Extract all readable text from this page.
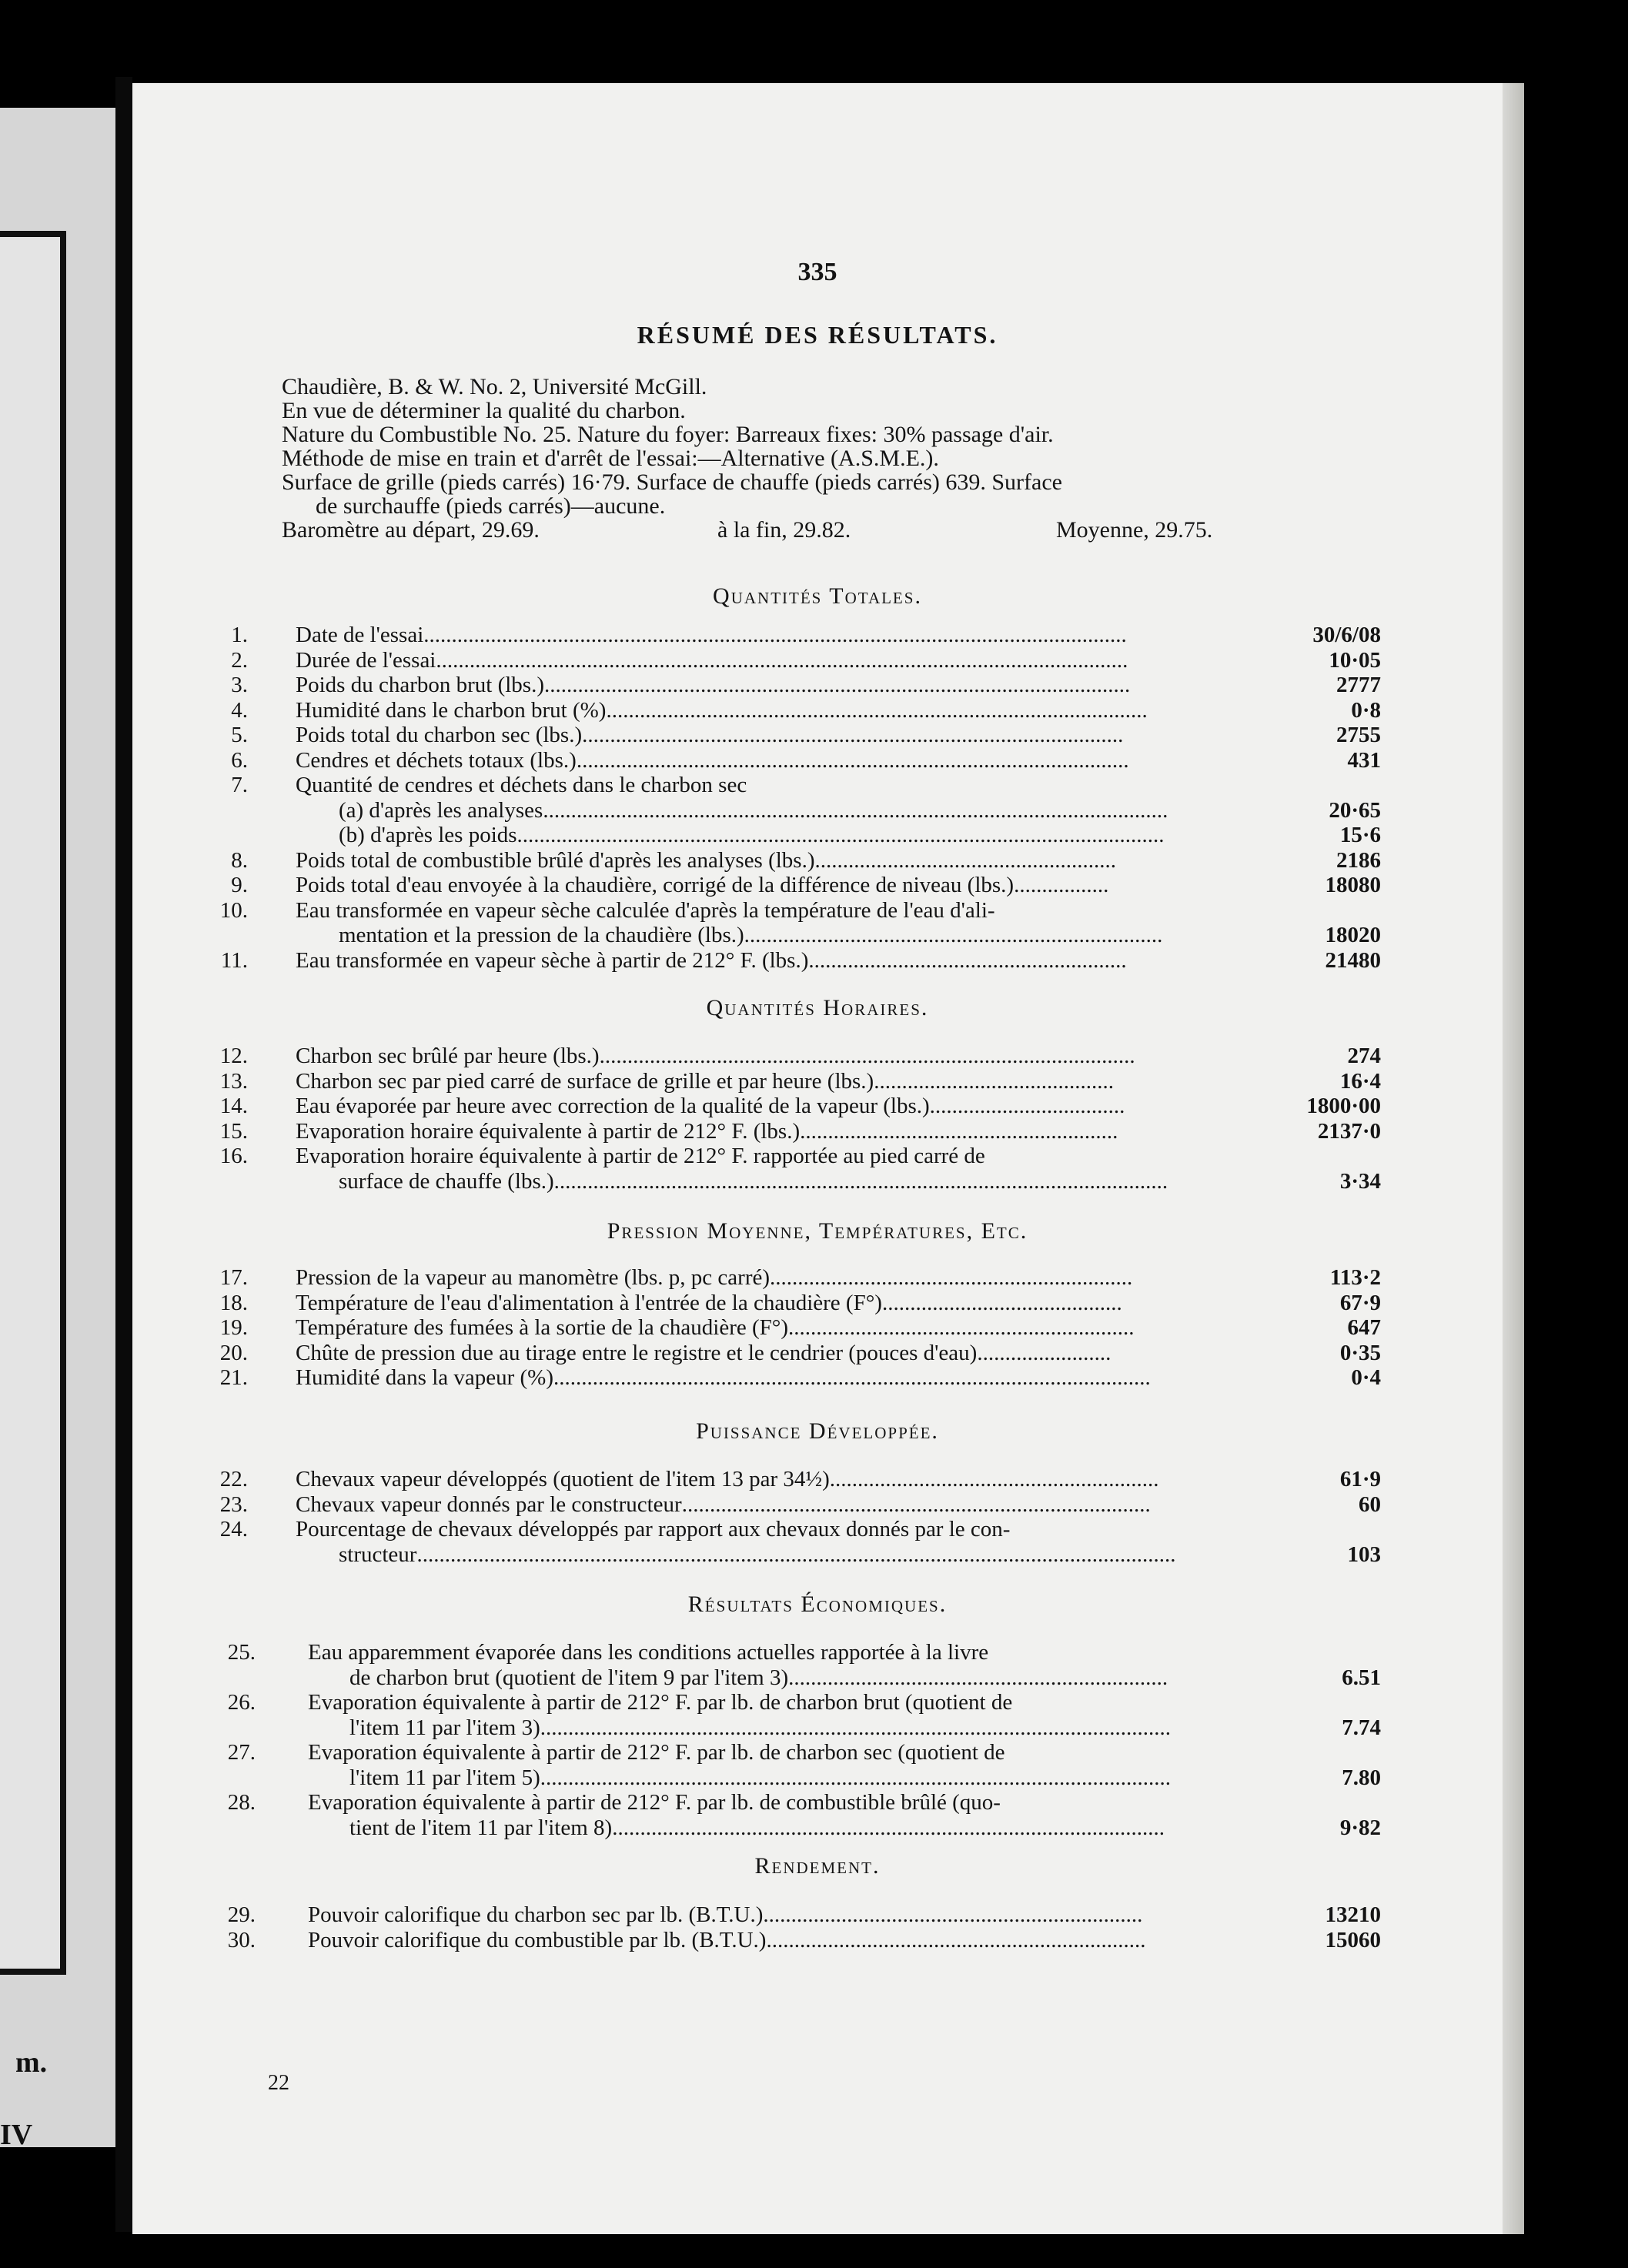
m.
IV
335
RÉSUMÉ DES RÉSULTATS.
Chaudière, B. & W. No. 2, Université McGill.
En vue de déterminer la qualité du charbon.
Nature du Combustible No. 25. Nature du foyer: Barreaux fixes: 30% passage d'air.
Méthode de mise en train et d'arrêt de l'essai:—Alternative (A.S.M.E.).
Surface de grille (pieds carrés) 16·79. Surface de chauffe (pieds carrés) 639. Surface
de surchauffe (pieds carrés)—aucune.
Baromètre au départ, 29.69.	à la fin, 29.82.	Moyenne, 29.75.
Quantités Totales.
1. Date de l'essai..............................................................................................................................	30/6/08
2. Durée de l'essai............................................................................................................................	10·05
3. Poids du charbon brut (lbs.).........................................................................................................	2777
4. Humidité dans le charbon brut (%).................................................................................................	0·8
5. Poids total du charbon sec (lbs.).................................................................................................	2755
6. Cendres et déchets totaux (lbs.)...................................................................................................	431
7. Quantité de cendres et déchets dans le charbon sec
(a) d'après les analyses................................................................................................................	20·65
(b) d'après les poids....................................................................................................................	15·6
8. Poids total de combustible brûlé d'après les analyses (lbs.)......................................................	2186
9. Poids total d'eau envoyée à la chaudière, corrigé de la différence de niveau (lbs.).................	18080
10. Eau transformée en vapeur sèche calculée d'après la température de l'eau d'ali-
mentation et la pression de la chaudière (lbs.)...........................................................................	18020
11. Eau transformée en vapeur sèche à partir de 212° F. (lbs.).........................................................	21480
Quantités Horaires.
12. Charbon sec brûlé par heure (lbs.)................................................................................................	274
13. Charbon sec par pied carré de surface de grille et par heure (lbs.)...........................................	16·4
14. Eau évaporée par heure avec correction de la qualité de la vapeur (lbs.)...................................	1800·00
15. Evaporation horaire équivalente à partir de 212° F. (lbs.).........................................................	2137·0
16. Evaporation horaire équivalente à partir de 212° F. rapportée au pied carré de
surface de chauffe (lbs.)..............................................................................................................	3·34
Pression Moyenne, Températures, Etc.
17. Pression de la vapeur au manomètre (lbs. p, pc carré).................................................................	113·2
18. Température de l'eau d'alimentation à l'entrée de la chaudière (F°)...........................................	67·9
19. Température des fumées à la sortie de la chaudière (F°)..............................................................	647
20. Chûte de pression due au tirage entre le registre et le cendrier (pouces d'eau)........................	0·35
21. Humidité dans la vapeur (%)...........................................................................................................	0·4
Puissance Développée.
22. Chevaux vapeur développés (quotient de l'item 13 par 34½)...........................................................	61·9
23. Chevaux vapeur donnés par le constructeur....................................................................................	60
24. Pourcentage de chevaux développés par rapport aux chevaux donnés par le con-
structeur........................................................................................................................................	103
Résultats Économiques.
25. Eau apparemment évaporée dans les conditions actuelles rapportée à la livre
de charbon brut (quotient de l'item 9 par l'item 3)....................................................................	6.51
26. Evaporation équivalente à partir de 212° F. par lb. de charbon brut (quotient de
l'item 11 par l'item 3).................................................................................................................	7.74
27. Evaporation équivalente à partir de 212° F. par lb. de charbon sec (quotient de
l'item 11 par l'item 5).................................................................................................................	7.80
28. Evaporation équivalente à partir de 212° F. par lb. de combustible brûlé (quo-
tient de l'item 11 par l'item 8)...................................................................................................	9·82
Rendement.
29. Pouvoir calorifique du charbon sec par lb. (B.T.U.)....................................................................	13210
30. Pouvoir calorifique du combustible par lb. (B.T.U.)....................................................................	15060
22
